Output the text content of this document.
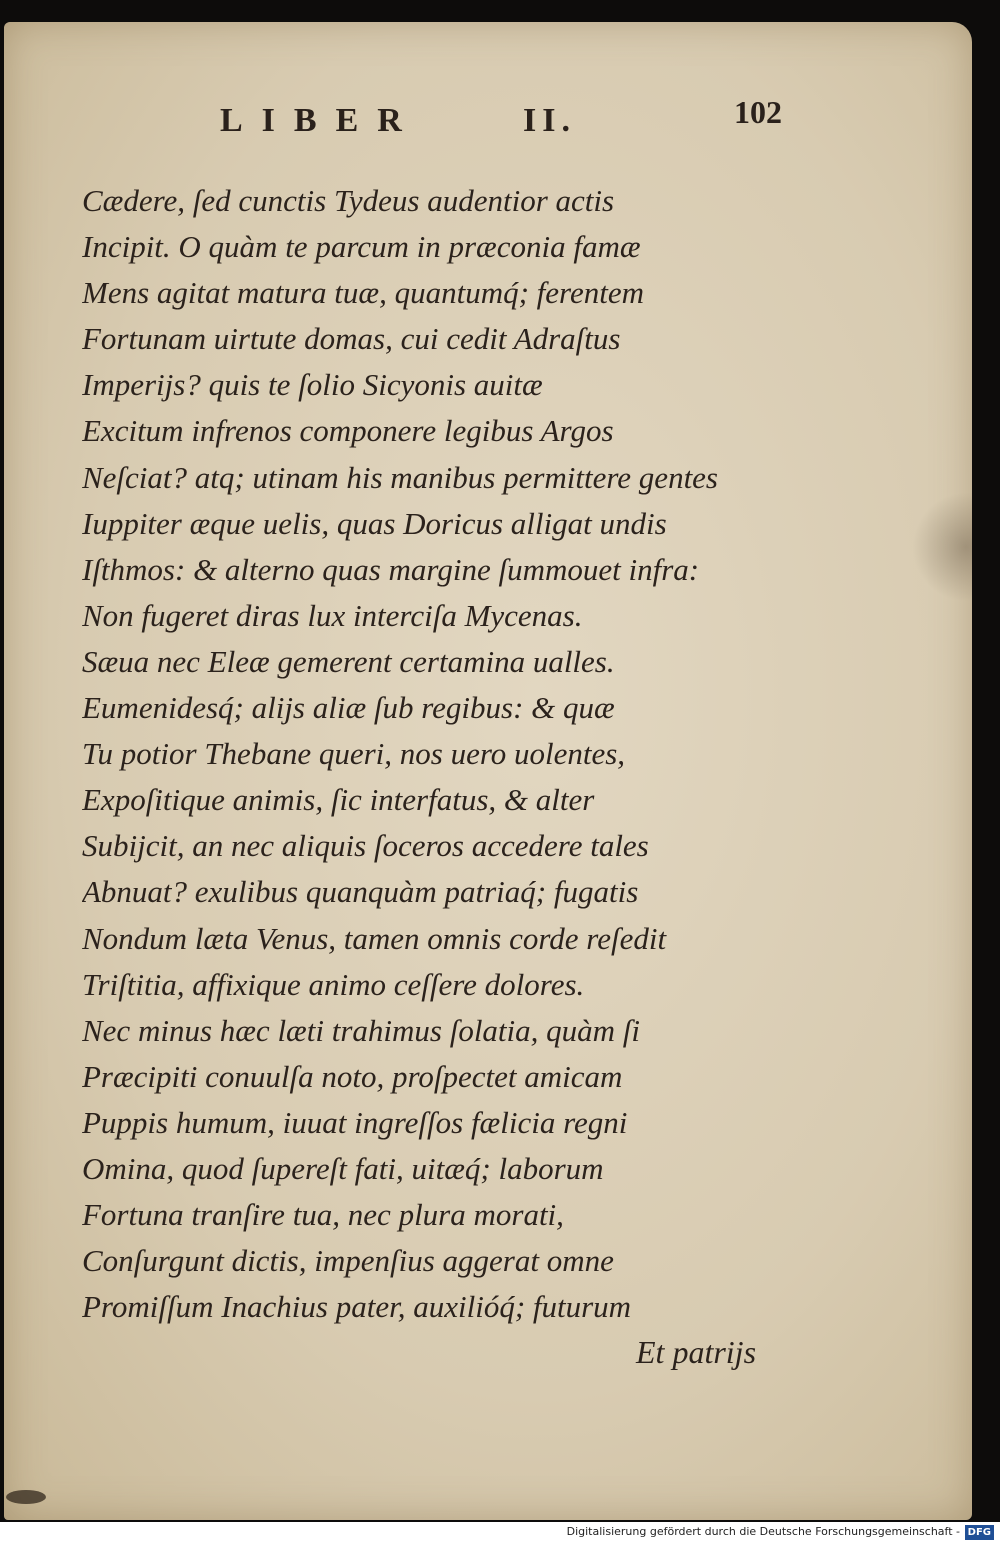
LIBER	II.	102
Cædere, ſed cunctis Tydeus audentior actis
Incipit. O quàm te parcum in præconia famæ
Mens agitat matura tuæ, quantumq́; ferentem
Fortunam uirtute domas, cui cedit Adraſtus
Imperijs? quis te ſolio Sicyonis auitæ
Excitum infrenos componere legibus Argos
Neſciat? atq; utinam his manibus permittere gentes
Iuppiter æque uelis, quas Doricus alligat undis
Iſthmos: & alterno quas margine ſummouet infra:
Non fugeret diras lux interciſa Mycenas.
Sæua nec Eleæ gemerent certamina ualles.
Eumenidesq́; alijs aliæ ſub regibus: & quæ
Tu potior Thebane queri, nos uero uolentes,
Expoſitique animis, ſic interfatus, & alter
Subijcit, an nec aliquis ſoceros accedere tales
Abnuat? exulibus quanquàm patriaq́; fugatis
Nondum læta Venus, tamen omnis corde reſedit
Triſtitia, affixique animo ceſſere dolores.
Nec minus hæc læti trahimus ſolatia, quàm ſi
Præcipiti conuulſa noto, proſpectet amicam
Puppis humum, iuuat ingreſſos fælicia regni
Omina, quod ſupereſt fati, uitæq́; laborum
Fortuna tranſire tua, nec plura morati,
Conſurgunt dictis, impenſius aggerat omne
Promiſſum Inachius pater, auxilióq́; futurum
Et patrijs
Digitalisierung gefördert durch die Deutsche Forschungsgemeinschaft - DFG
